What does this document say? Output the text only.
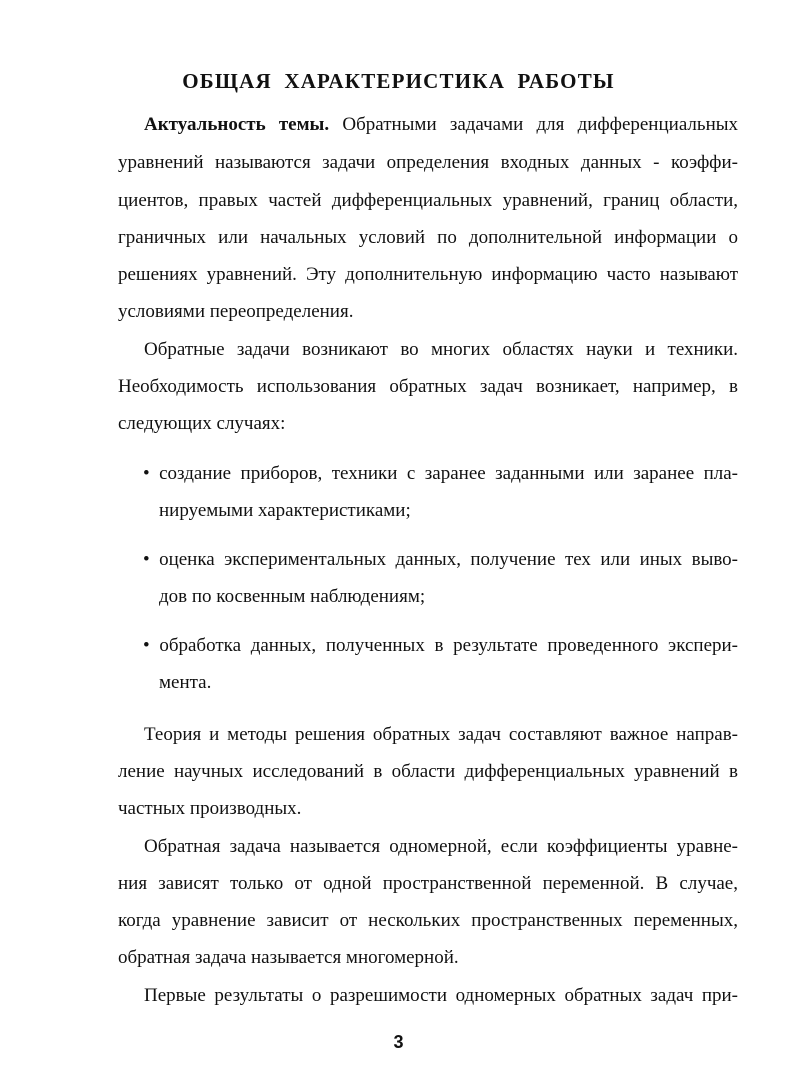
ОБЩАЯ ХАРАКТЕРИСТИКА РАБОТЫ
Актуальность темы. Обратными задачами для дифференциальных
уравнений называются задачи определения входных данных - коэффи-
циентов, правых частей дифференциальных уравнений, границ области,
граничных или начальных условий по дополнительной информации о
решениях уравнений. Эту дополнительную информацию часто называют
условиями переопределения.
Обратные задачи возникают во многих областях науки и техники.
Необходимость использования обратных задач возникает, например, в
следующих случаях:
• создание приборов, техники с заранее заданными или заранее пла-
нируемыми характеристиками;
• оценка экспериментальных данных, получение тех или иных выво-
дов по косвенным наблюдениям;
• обработка данных, полученных в результате проведенного экспери-
мента.
Теория и методы решения обратных задач составляют важное направ-
ление научных исследований в области дифференциальных уравнений в
частных производных.
Обратная задача называется одномерной, если коэффициенты уравне-
ния зависят только от одной пространственной переменной. В случае,
когда уравнение зависит от нескольких пространственных переменных,
обратная задача называется многомерной.
Первые результаты о разрешимости одномерных обратных задач при-
3
